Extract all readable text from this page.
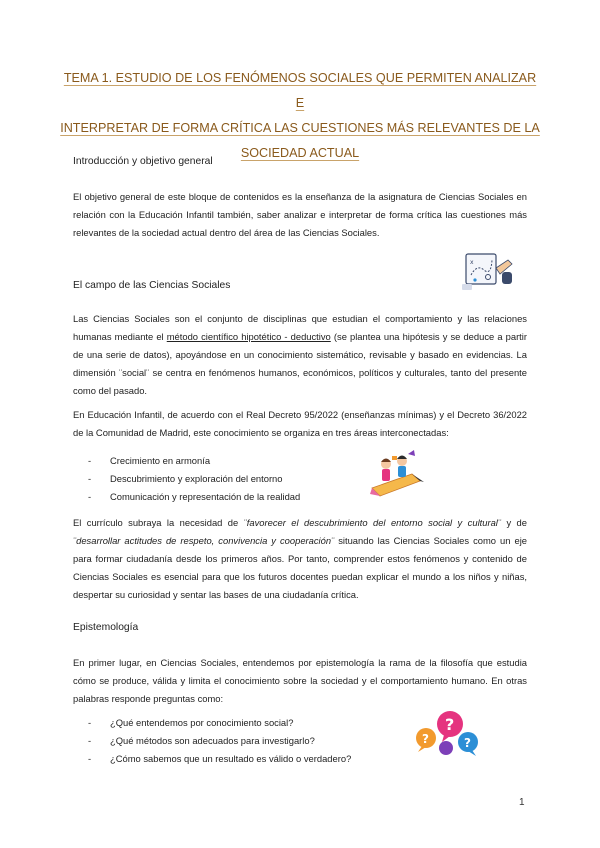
TEMA 1. ESTUDIO DE LOS FENÓMENOS SOCIALES QUE PERMITEN ANALIZAR E
INTERPRETAR DE FORMA CRÍTICA LAS CUESTIONES MÁS RELEVANTES DE LA
SOCIEDAD ACTUAL
Introducción y objetivo general
El objetivo general de este bloque de contenidos es la enseñanza de la asignatura de Ciencias Sociales en relación con la Educación Infantil también, saber analizar e interpretar de forma crítica las cuestiones más relevantes de la sociedad actual dentro del área de las Ciencias Sociales.
x
El campo de las Ciencias Sociales
Las Ciencias Sociales son el conjunto de disciplinas que estudian el comportamiento y las relaciones humanas mediante el método científico hipotético - deductivo (se plantea una hipótesis y se deduce a partir de una serie de datos), apoyándose en un conocimiento sistemático, revisable y basado en evidencias. La dimensión ¨social¨ se centra en fenómenos humanos, económicos, políticos y culturales, tanto del presente como del pasado.
En Educación Infantil, de acuerdo con el Real Decreto 95/2022 (enseñanzas mínimas) y el Decreto 36/2022 de la Comunidad de Madrid, este conocimiento se organiza en tres áreas interconectadas:
-	Crecimiento en armonía
-	Descubrimiento y exploración del entorno
-	Comunicación y representación de la realidad
El currículo subraya la necesidad de ¨favorecer el descubrimiento del entorno social y cultural¨ y de ¨desarrollar actitudes de respeto, convivencia y cooperación¨ situando las Ciencias Sociales como un eje para formar ciudadanía desde los primeros años. Por tanto, comprender estos fenómenos y contenido de Ciencias Sociales es esencial para que los futuros docentes puedan explicar el mundo a los niños y niñas, despertar su curiosidad y sentar las bases de una ciudadanía crítica.
Epistemología
En primer lugar, en Ciencias Sociales, entendemos por epistemología la rama de la filosofía que estudia cómo se produce, válida y limita el conocimiento sobre la sociedad y el comportamiento humano. En otras palabras responde preguntas como:
-	¿Qué entendemos por conocimiento social?
-	¿Qué métodos son adecuados para investigarlo?
-	¿Cómo sabemos que un resultado es válido o verdadero?
?
?	?
1
